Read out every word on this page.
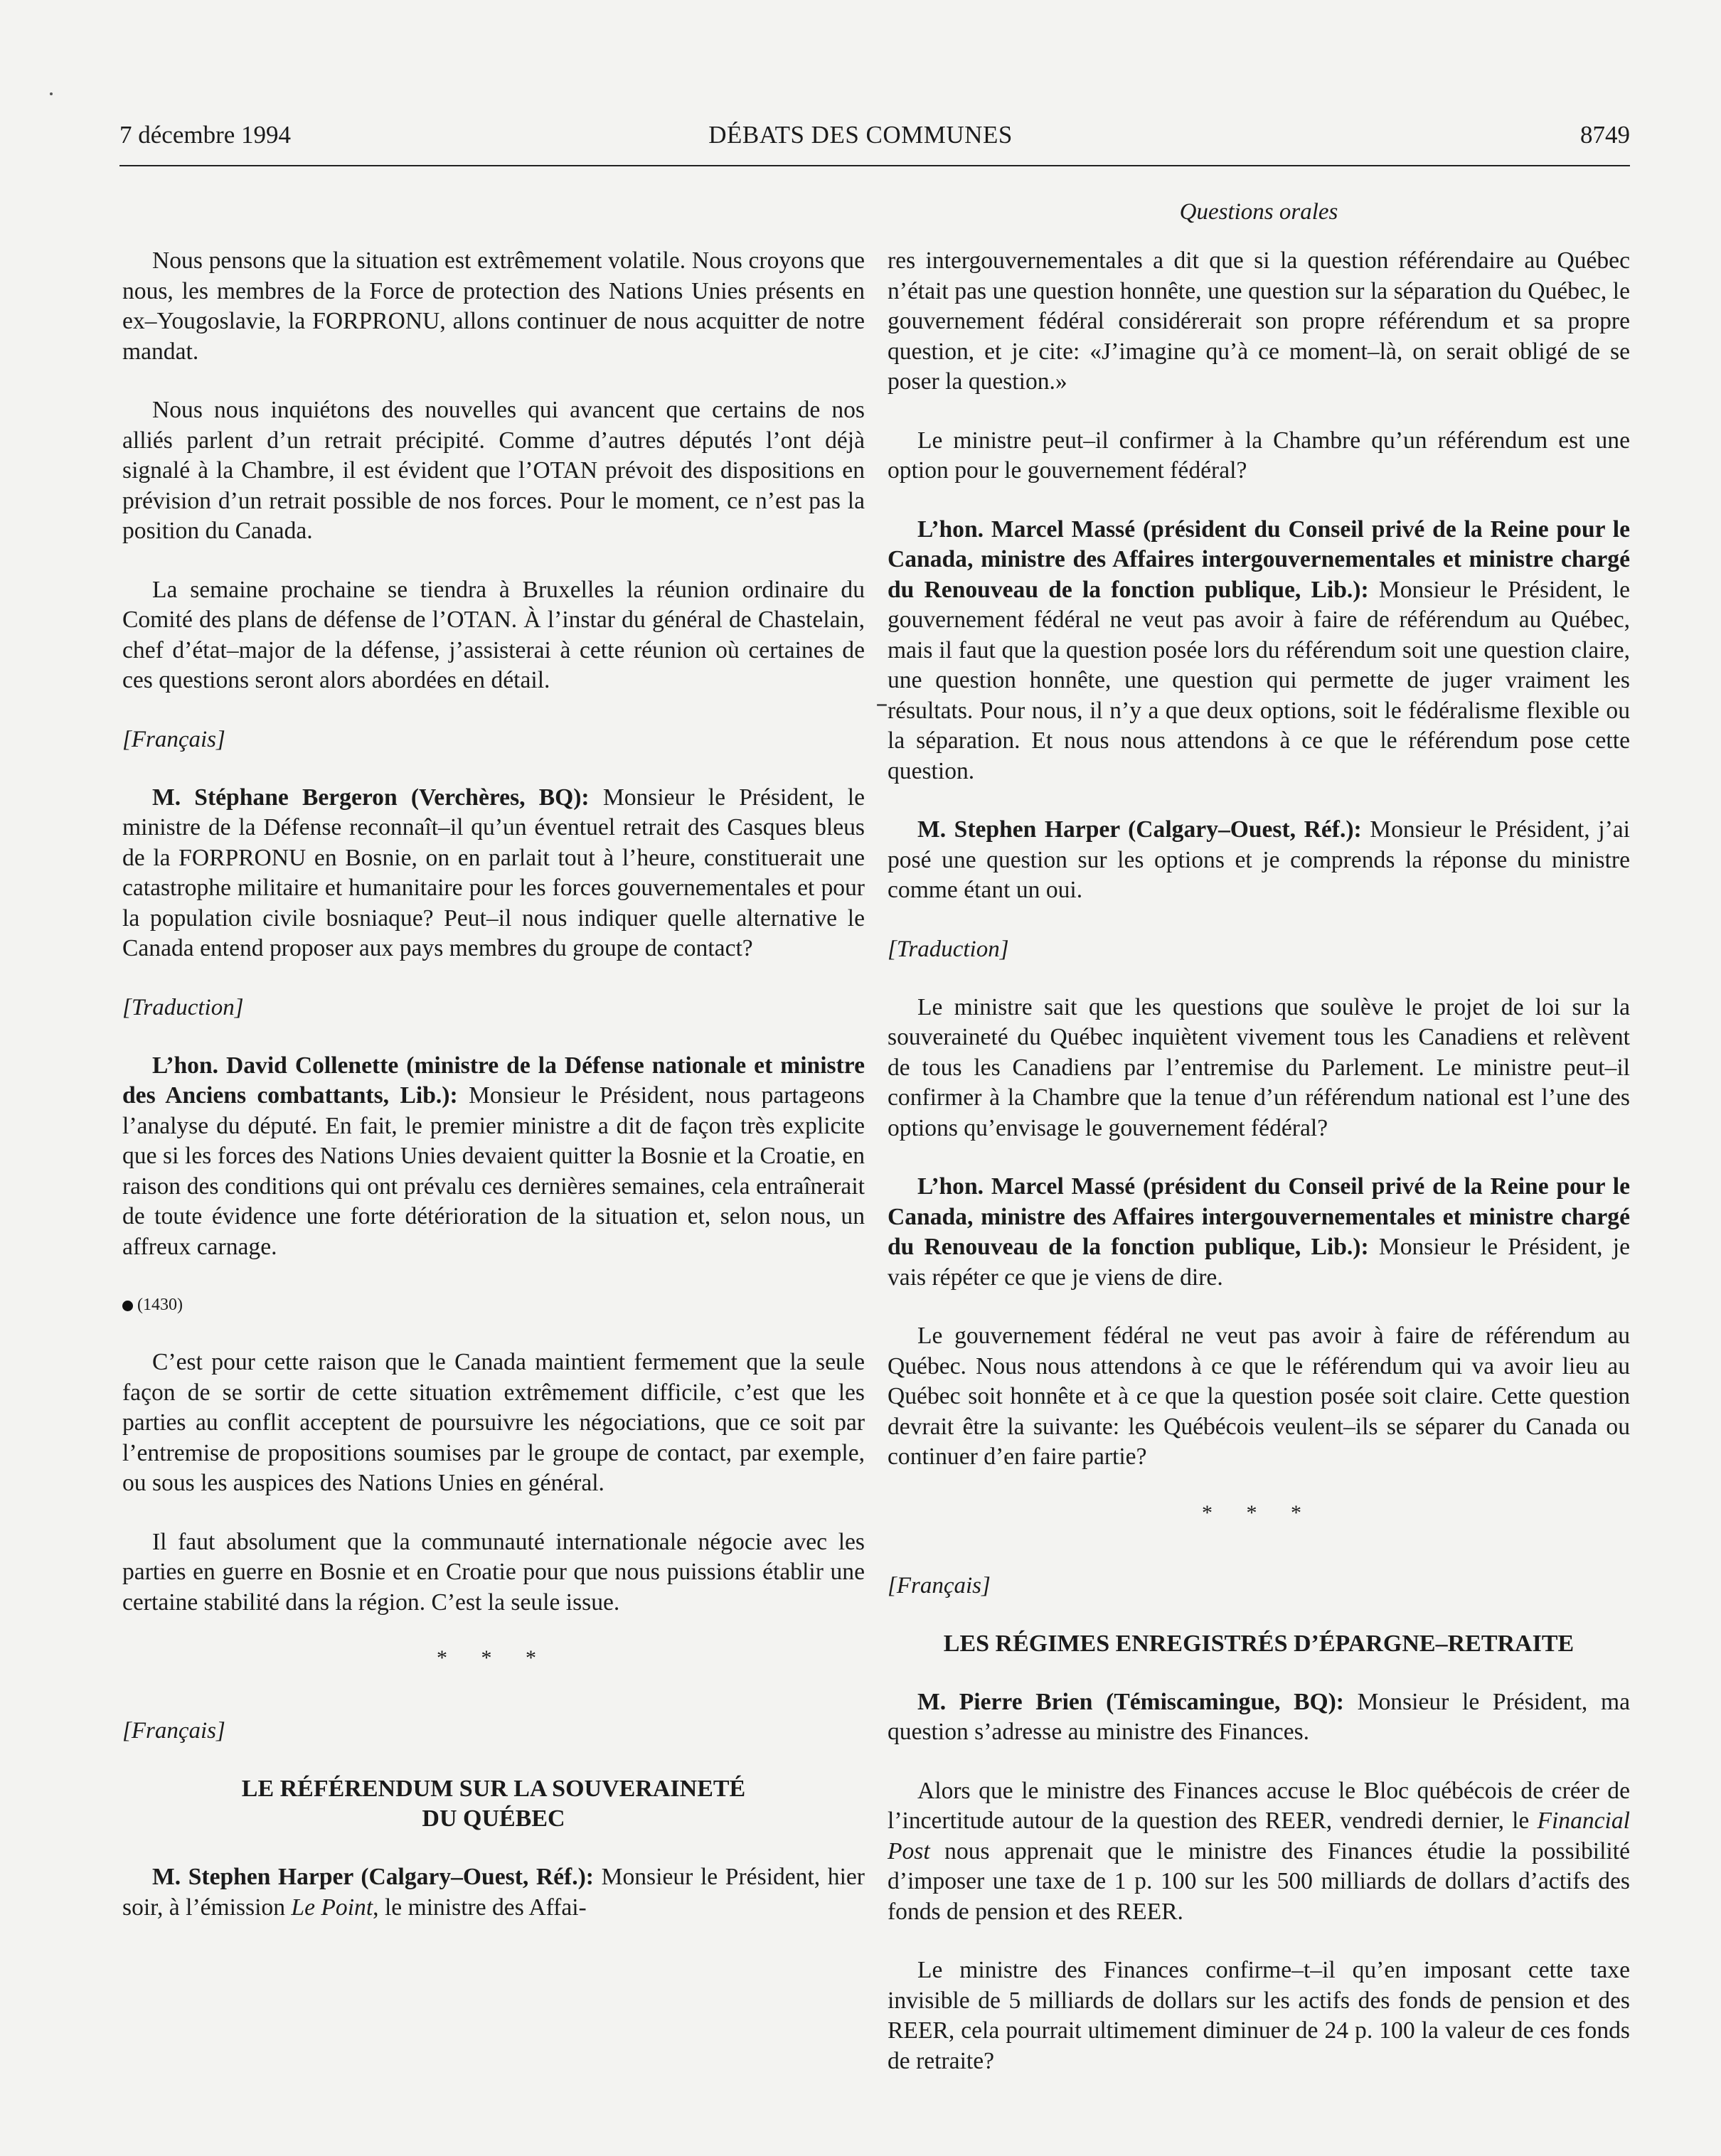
7 décembre 1994	DÉBATS DES COMMUNES	8749
Questions orales

Nous pensons que la situation est extrêmement volatile. Nous croyons que nous, les membres de la Force de protection des Nations Unies présents en ex–Yougoslavie, la FORPRONU, allons continuer de nous acquitter de notre mandat.

Nous nous inquiétons des nouvelles qui avancent que certains de nos alliés parlent d’un retrait précipité. Comme d’autres députés l’ont déjà signalé à la Chambre, il est évident que l’OTAN prévoit des dispositions en prévision d’un retrait possible de nos forces. Pour le moment, ce n’est pas la position du Canada.

La semaine prochaine se tiendra à Bruxelles la réunion ordinaire du Comité des plans de défense de l’OTAN. À l’instar du général de Chastelain, chef d’état–major de la défense, j’assisterai à cette réunion où certaines de ces questions seront alors abordées en détail.

[Français]

M. Stéphane Bergeron (Verchères, BQ): Monsieur le Président, le ministre de la Défense reconnaît–il qu’un éventuel retrait des Casques bleus de la FORPRONU en Bosnie, on en parlait tout à l’heure, constituerait une catastrophe militaire et humanitaire pour les forces gouvernementales et pour la population civile bosniaque? Peut–il nous indiquer quelle alternative le Canada entend proposer aux pays membres du groupe de contact?

[Traduction]

L’hon. David Collenette (ministre de la Défense nationale et ministre des Anciens combattants, Lib.): Monsieur le Président, nous partageons l’analyse du député. En fait, le premier ministre a dit de façon très explicite que si les forces des Nations Unies devaient quitter la Bosnie et la Croatie, en raison des conditions qui ont prévalu ces dernières semaines, cela entraînerait de toute évidence une forte détérioration de la situation et, selon nous, un affreux carnage.

(1430)

C’est pour cette raison que le Canada maintient fermement que la seule façon de se sortir de cette situation extrêmement difficile, c’est que les parties au conflit acceptent de poursuivre les négociations, que ce soit par l’entremise de propositions soumises par le groupe de contact, par exemple, ou sous les auspices des Nations Unies en général.

Il faut absolument que la communauté internationale négocie avec les parties en guerre en Bosnie et en Croatie pour que nous puissions établir une certaine stabilité dans la région. C’est la seule issue.

* * *
[Français]
LE RÉFÉRENDUM SUR LA SOUVERAINETÉ
DU QUÉBEC

M. Stephen Harper (Calgary–Ouest, Réf.): Monsieur le Président, hier soir, à l’émission Le Point, le ministre des Affai-

res intergouvernementales a dit que si la question référendaire au Québec n’était pas une question honnête, une question sur la séparation du Québec, le gouvernement fédéral considérerait son propre référendum et sa propre question, et je cite: «J’imagine qu’à ce moment–là, on serait obligé de se poser la question.»

Le ministre peut–il confirmer à la Chambre qu’un référendum est une option pour le gouvernement fédéral?

L’hon. Marcel Massé (président du Conseil privé de la Reine pour le Canada, ministre des Affaires intergouvernementales et ministre chargé du Renouveau de la fonction publique, Lib.): Monsieur le Président, le gouvernement fédéral ne veut pas avoir à faire de référendum au Québec, mais il faut que la question posée lors du référendum soit une question claire, une question honnête, une question qui permette de juger vraiment les résultats. Pour nous, il n’y a que deux options, soit le fédéralisme flexible ou la séparation. Et nous nous attendons à ce que le référendum pose cette question.

M. Stephen Harper (Calgary–Ouest, Réf.): Monsieur le Président, j’ai posé une question sur les options et je comprends la réponse du ministre comme étant un oui.

[Traduction]

Le ministre sait que les questions que soulève le projet de loi sur la souveraineté du Québec inquiètent vivement tous les Canadiens et relèvent de tous les Canadiens par l’entremise du Parlement. Le ministre peut–il confirmer à la Chambre que la tenue d’un référendum national est l’une des options qu’envisage le gouvernement fédéral?

L’hon. Marcel Massé (président du Conseil privé de la Reine pour le Canada, ministre des Affaires intergouvernementales et ministre chargé du Renouveau de la fonction publique, Lib.): Monsieur le Président, je vais répéter ce que je viens de dire.

Le gouvernement fédéral ne veut pas avoir à faire de référendum au Québec. Nous nous attendons à ce que le référendum qui va avoir lieu au Québec soit honnête et à ce que la question posée soit claire. Cette question devrait être la suivante: les Québécois veulent–ils se séparer du Canada ou continuer d’en faire partie?

* * *
[Français]
LES RÉGIMES ENREGISTRÉS D’ÉPARGNE–RETRAITE

M. Pierre Brien (Témiscamingue, BQ): Monsieur le Président, ma question s’adresse au ministre des Finances.

Alors que le ministre des Finances accuse le Bloc québécois de créer de l’incertitude autour de la question des REER, vendredi dernier, le Financial Post nous apprenait que le ministre des Finances étudie la possibilité d’imposer une taxe de 1 p. 100 sur les 500 milliards de dollars d’actifs des fonds de pension et des REER.

Le ministre des Finances confirme–t–il qu’en imposant cette taxe invisible de 5 milliards de dollars sur les actifs des fonds de pension et des REER, cela pourrait ultimement diminuer de 24 p. 100 la valeur de ces fonds de retraite?
